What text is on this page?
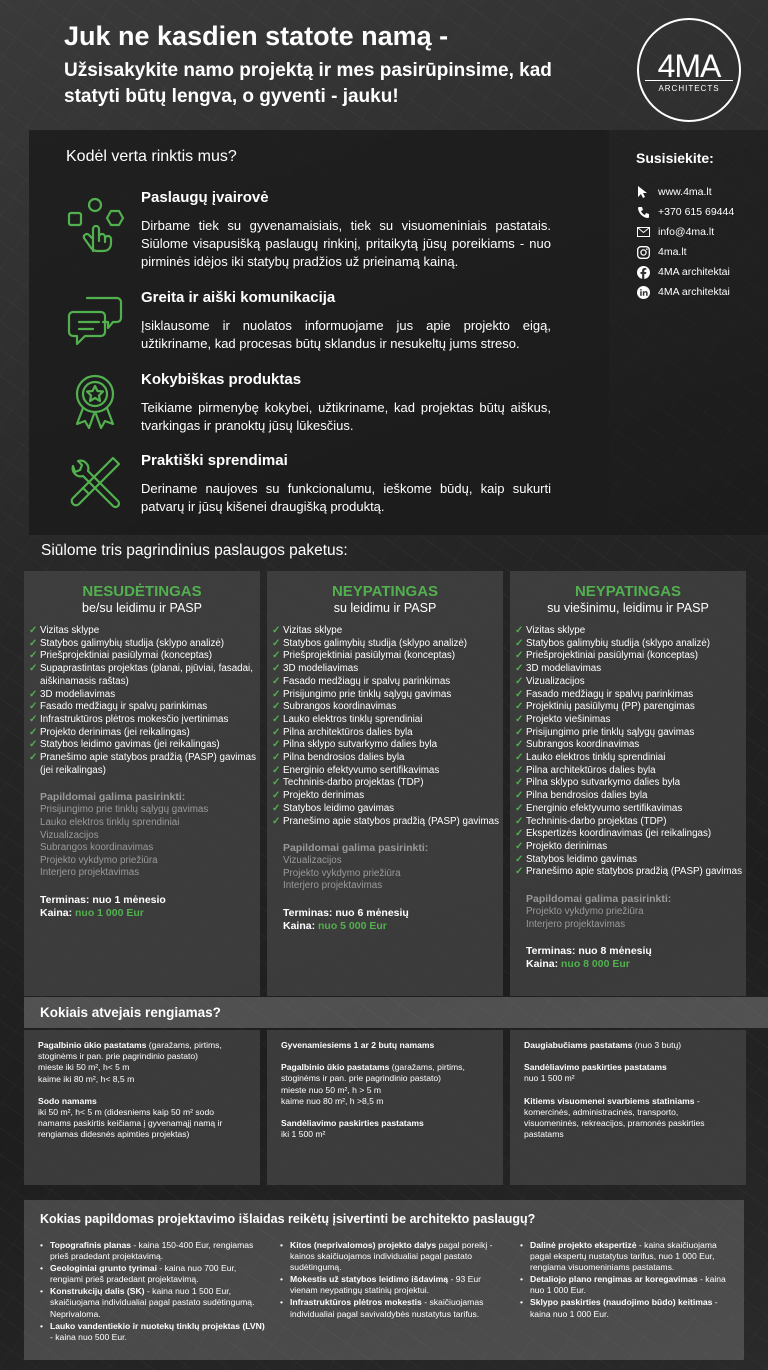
Juk ne kasdien statote namą -
Užsisakykite namo projektą ir mes pasirūpinsime, kad statyti būtų lengva, o gyventi - jauku!
4MA
ARCHITECTS
Kodėl verta rinktis mus?
Paslaugų įvairovė

Dirbame tiek su gyvenamaisiais, tiek su visuomeniniais pastatais. Siūlome visapusišką paslaugų rinkinį, pritaikytą jūsų poreikiams - nuo pirminės idėjos iki statybų pradžios už prieinamą kainą.

Greita ir aiški komunikacija

Įsiklausome ir nuolatos informuojame jus apie projekto eigą, užtikriname, kad procesas būtų sklandus ir nesukeltų jums streso.

Kokybiškas produktas

Teikiame pirmenybę kokybei, užtikriname, kad projektas būtų aiškus, tvarkingas ir pranoktų jūsų lūkesčius.

Praktiški sprendimai

Deriname naujoves su funkcionalumu, ieškome būdų, kaip sukurti patvarų ir jūsų kišenei draugišką produktą.

Susisiekite:
www.4ma.lt
+370 615 69444
info@4ma.lt
4ma.lt
4MA architektai
4MA architektai
Siūlome tris pagrindinius paslaugos paketus:
NESUDĖTINGAS
be/su leidimu ir PASP
✓ Vizitas sklype
✓ Statybos galimybių studija (sklypo analizė)
✓ Priešprojektiniai pasiūlymai (konceptas)
✓ Supaprastintas projektas (planai, pjūviai, fasadai, aiškinamasis raštas)
✓ 3D modeliavimas
✓ Fasado medžiagų ir spalvų parinkimas
✓ Infrastruktūros plėtros mokesčio įvertinimas
✓ Projekto derinimas (jei reikalingas)
✓ Statybos leidimo gavimas (jei reikalingas)
✓ Pranešimo apie statybos pradžią (PASP) gavimas (jei reikalingas)
Papildomai galima pasirinkti:
Prisijungimo prie tinklų sąlygų gavimas
Lauko elektros tinklų sprendiniai
Vizualizacijos
Subrangos koordinavimas
Projekto vykdymo priežiūra
Interjero projektavimas
Terminas: nuo 1 mėnesio
Kaina: nuo 1 000 Eur
NEYPATINGAS
su leidimu ir PASP
✓ Vizitas sklype
✓ Statybos galimybių studija (sklypo analizė)
✓ Priešprojektiniai pasiūlymai (konceptas)
✓ 3D modeliavimas
✓ Fasado medžiagų ir spalvų parinkimas
✓ Prisijungimo prie tinklų sąlygų gavimas
✓ Subrangos koordinavimas
✓ Lauko elektros tinklų sprendiniai
✓ Pilna architektūros dalies byla
✓ Pilna sklypo sutvarkymo dalies byla
✓ Pilna bendrosios dalies byla
✓ Energinio efektyvumo sertifikavimas
✓ Techninis-darbo projektas (TDP)
✓ Projekto derinimas
✓ Statybos leidimo gavimas
✓ Pranešimo apie statybos pradžią (PASP) gavimas
Papildomai galima pasirinkti:
Vizualizacijos
Projekto vykdymo priežiūra
Interjero projektavimas
Terminas: nuo 6 mėnesių
Kaina: nuo 5 000 Eur
NEYPATINGAS
su viešinimu, leidimu ir PASP
✓ Vizitas sklype
✓ Statybos galimybių studija (sklypo analizė)
✓ Priešprojektiniai pasiūlymai (konceptas)
✓ 3D modeliavimas
✓ Vizualizacijos
✓ Fasado medžiagų ir spalvų parinkimas
✓ Projektinių pasiūlymų (PP) parengimas
✓ Projekto viešinimas
✓ Prisijungimo prie tinklų sąlygų gavimas
✓ Subrangos koordinavimas
✓ Lauko elektros tinklų sprendiniai
✓ Pilna architektūros dalies byla
✓ Pilna sklypo sutvarkymo dalies byla
✓ Pilna bendrosios dalies byla
✓ Energinio efektyvumo sertifikavimas
✓ Techninis-darbo projektas (TDP)
✓ Ekspertizės koordinavimas (jei reikalingas)
✓ Projekto derinimas
✓ Statybos leidimo gavimas
✓ Pranešimo apie statybos pradžią (PASP) gavimas
Papildomai galima pasirinkti:
Projekto vykdymo priežiūra
Interjero projektavimas
Terminas: nuo 8 mėnesių
Kaina: nuo 8 000 Eur
Kokiais atvejais rengiamas?
Pagalbinio ūkio pastatams (garažams, pirtims, stoginėms ir pan. prie pagrindinio pastato)
mieste iki 50 m², h< 5 m
kaime iki 80 m², h< 8,5 m
Sodo namams
iki 50 m², h< 5 m (didesniems kaip 50 m² sodo namams paskirtis keičiama į gyvenamąjį namą ir rengiamas didesnės apimties projektas)
Gyvenamiesiems 1 ar 2 butų namams
Pagalbinio ūkio pastatams (garažams, pirtims, stoginėms ir pan. prie pagrindinio pastato)
mieste nuo 50 m², h > 5 m
kaime nuo 80 m², h >8,5 m
Sandėliavimo paskirties pastatams
iki 1 500 m²
Daugiabučiams pastatams (nuo 3 butų)
Sandėliavimo paskirties pastatams
nuo 1 500 m²
Kitiems visuomenei svarbiems statiniams - komercinės, administracinės, transporto, visuomeninės, rekreacijos, pramonės paskirties pastatams
Kokias papildomas projektavimo išlaidas reikėtų įsivertinti be architekto paslaugų?
• Topografinis planas - kaina 150-400 Eur, rengiamas prieš pradedant projektavimą.
• Geologiniai grunto tyrimai - kaina nuo 700 Eur, rengiami prieš pradedant projektavimą.
• Konstrukcijų dalis (SK) - kaina nuo 1 500 Eur, skaičiuojama individualiai pagal pastato sudėtingumą. Neprivaloma.
• Lauko vandentiekio ir nuotekų tinklų projektas (LVN) - kaina nuo 500 Eur.
• Kitos (neprivalomos) projekto dalys pagal poreikį - kainos skaičiuojamos individualiai pagal pastato sudėtingumą.
• Mokestis už statybos leidimo išdavimą - 93 Eur vienam neypatingų statinių projektui.
• Infrastruktūros plėtros mokestis - skaičiuojamas individualiai pagal savivaldybės nustatytus tarifus.
• Dalinė projekto ekspertizė - kaina skaičiuojama pagal ekspertų nustatytus tarifus, nuo 1 000 Eur, rengiama visuomeniniams pastatams.
• Detaliojo plano rengimas ar koregavimas - kaina nuo 1 000 Eur.
• Sklypo paskirties (naudojimo būdo) keitimas - kaina nuo 1 000 Eur.
